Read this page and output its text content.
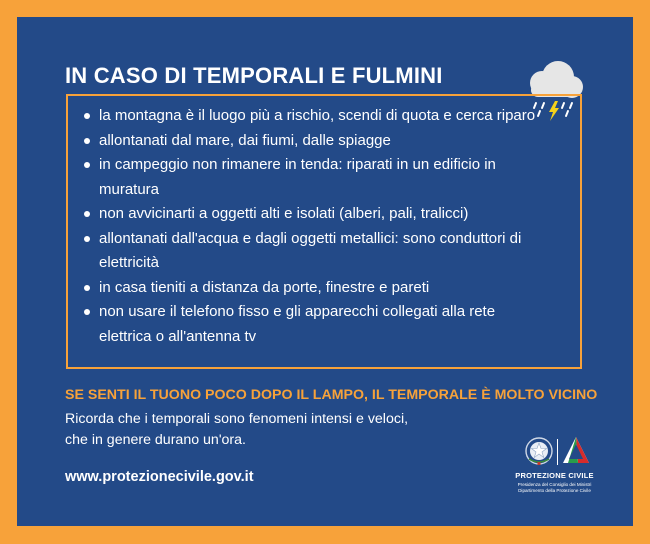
IN CASO DI TEMPORALI E FULMINI
la montagna è il luogo più a rischio, scendi di quota e cerca riparo
allontanati dal mare, dai fiumi, dalle spiagge
in campeggio non rimanere in tenda: riparati in un edificio in muratura
non avvicinarti a oggetti alti e isolati (alberi, pali, tralicci)
allontanati dall'acqua e dagli oggetti metallici: sono conduttori di elettricità
in casa tieniti a distanza da porte, finestre e pareti
non usare il telefono fisso e gli apparecchi collegati alla rete elettrica o all'antenna tv
SE SENTI IL TUONO POCO DOPO IL LAMPO, IL TEMPORALE È MOLTO VICINO
Ricorda che i temporali sono fenomeni intensi e veloci,
che in genere durano un'ora.
www.protezionecivile.gov.it	PROTEZIONE CIVILE
Presidenza del Consiglio dei Ministri
Dipartimento della Protezione Civile
